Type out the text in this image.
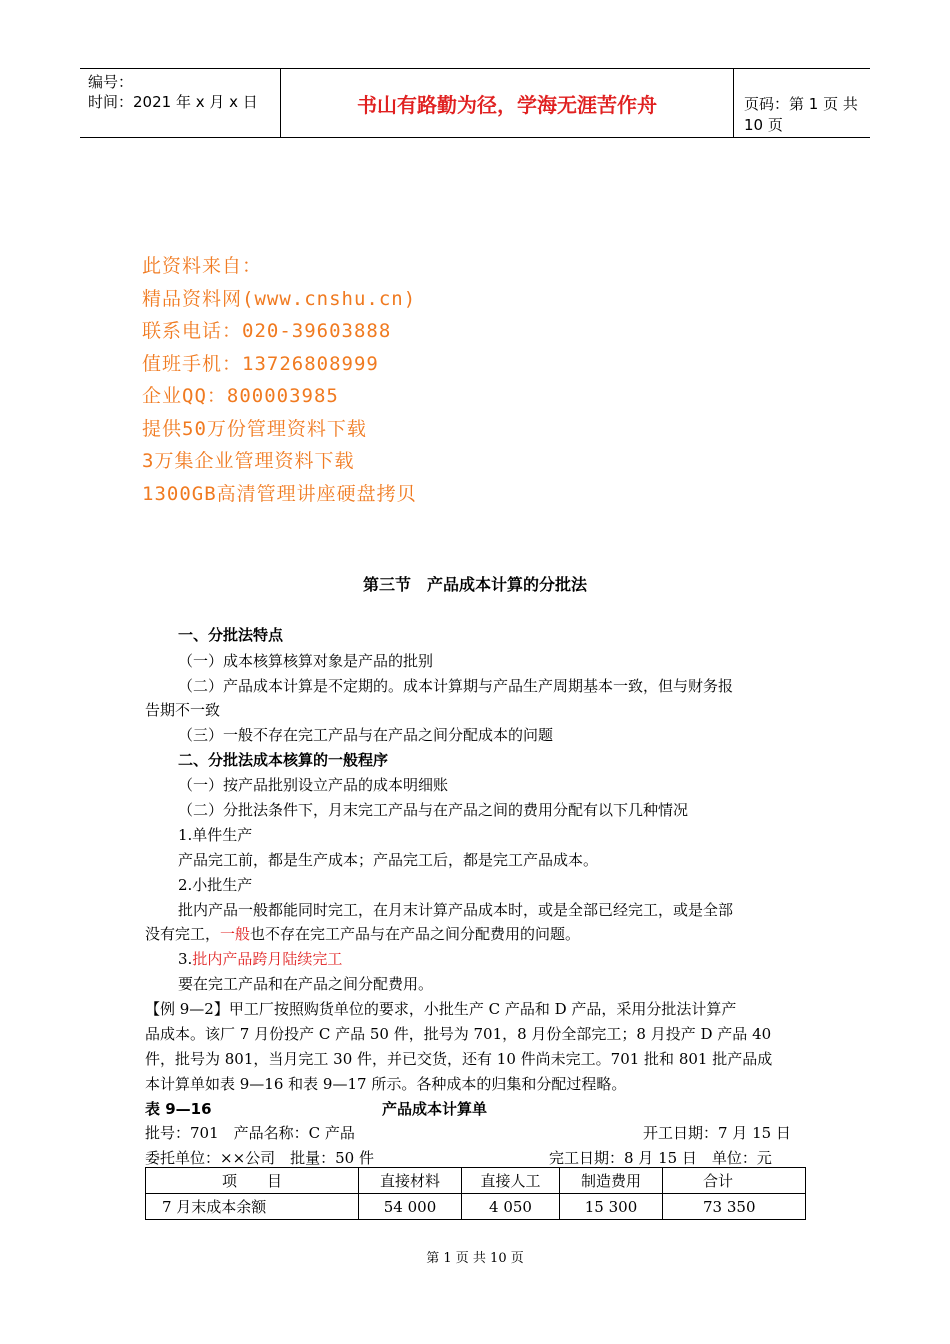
编号：
时间：2021 年 x 月 x 日	书山有路勤为径，学海无涯苦作舟	页码：第 1 页 共 10 页
此资料来自：
精品资料网(www.cnshu.cn)
联系电话：020-39603888
值班手机：13726808999
企业QQ：800003985
提供50万份管理资料下载
3万集企业管理资料下载
1300GB高清管理讲座硬盘拷贝
第三节　产品成本计算的分批法
一、分批法特点
（一）成本核算核算对象是产品的批别
（二）产品成本计算是不定期的。成本计算期与产品生产周期基本一致，但与财务报
告期不一致
（三）一般不存在完工产品与在产品之间分配成本的问题
二、分批法成本核算的一般程序
（一）按产品批别设立产品的成本明细账
（二）分批法条件下，月末完工产品与在产品之间的费用分配有以下几种情况
1.单件生产
产品完工前，都是生产成本；产品完工后，都是完工产品成本。
2.小批生产
批内产品一般都能同时完工，在月末计算产品成本时，或是全部已经完工，或是全部
没有完工，一般也不存在完工产品与在产品之间分配费用的问题。
3.批内产品跨月陆续完工
要在完工产品和在产品之间分配费用。
【例 9—2】甲工厂按照购货单位的要求，小批生产 C 产品和 D 产品，采用分批法计算产
品成本。该厂 7 月份投产 C 产品 50 件，批号为 701，8 月份全部完工；8 月投产 D 产品 40
件，批号为 801，当月完工 30 件，并已交货，还有 10 件尚未完工。701 批和 801 批产品成
本计算单如表 9—16 和表 9—17 所示。各种成本的归集和分配过程略。
表 9—16	产品成本计算单
批号：701　产品名称：C 产品	开工日期：7 月 15 日
委托单位：××公司　批量：50 件	完工日期：8 月 15 日　单位：元
项　　目	直接材料	直接人工	制造费用	合计
7 月末成本余额	54 000	4 050	15 300	73 350
第 1 页 共 10 页
